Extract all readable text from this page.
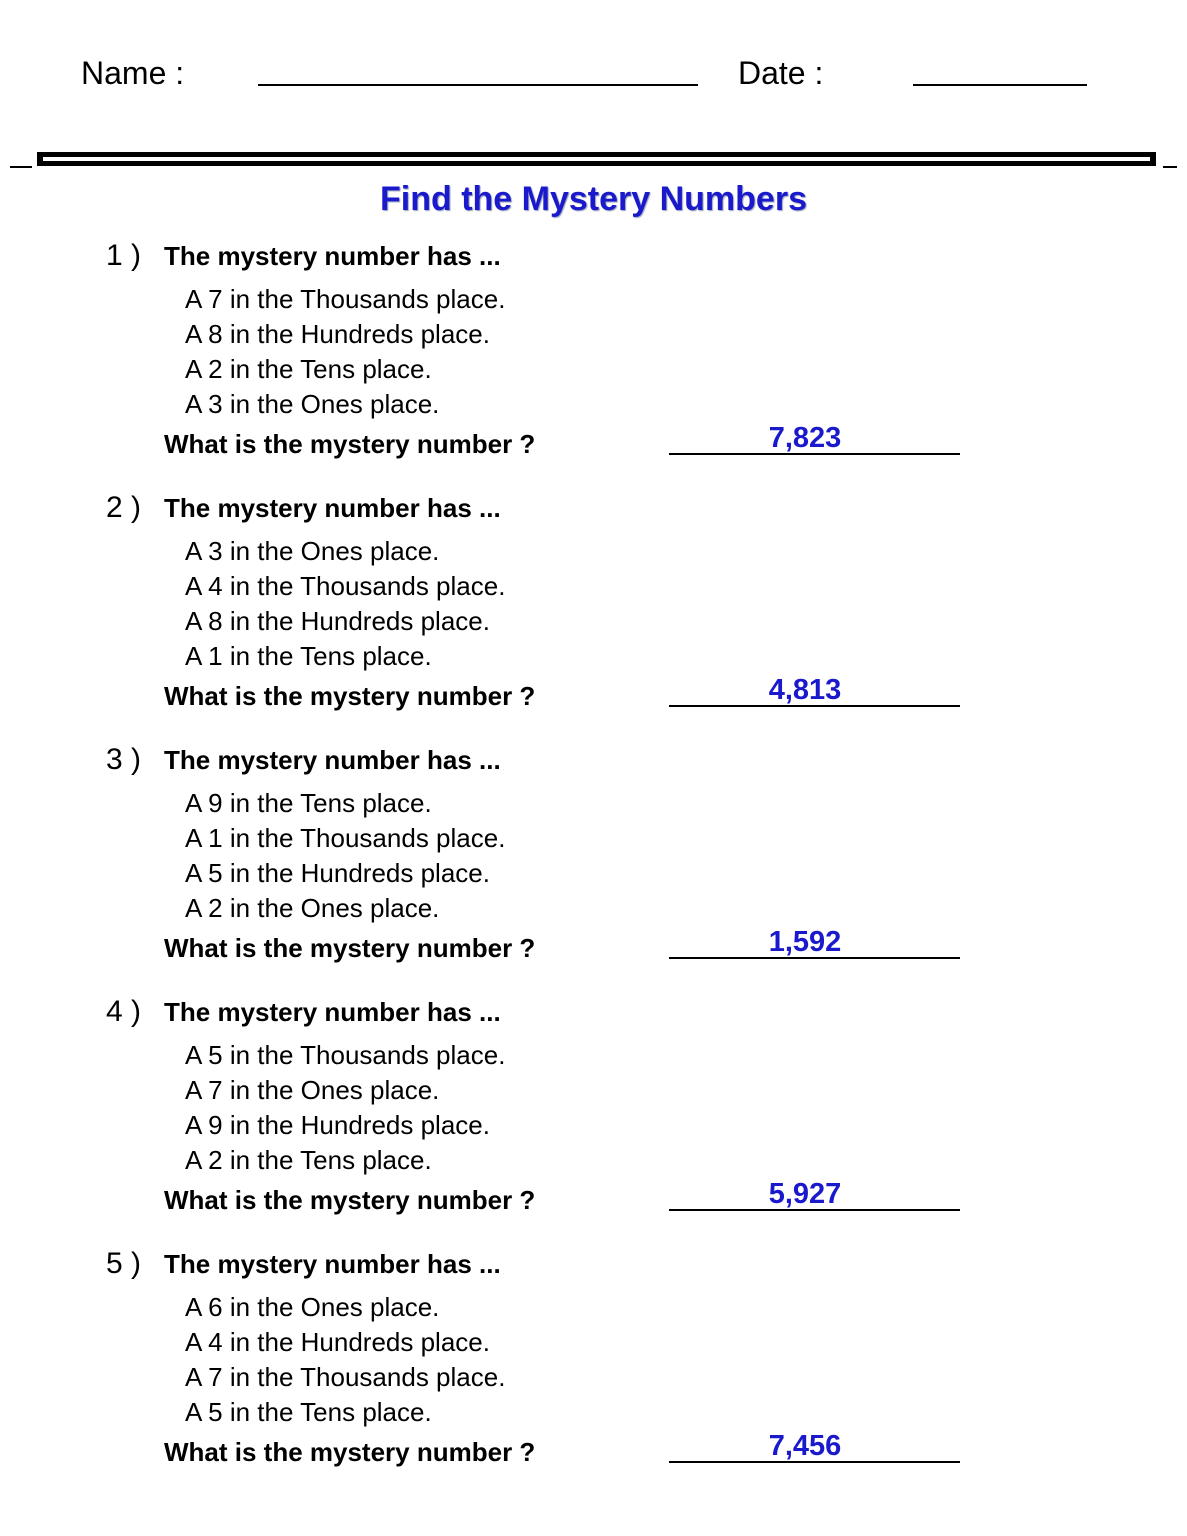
Name :	Date :
Find the Mystery Numbers
1 ) The mystery number has ...
A 7 in the Thousands place.
A 8 in the Hundreds place.
A 2 in the Tens place.
A 3 in the Ones place.
What is the mystery number ?	7,823
2 ) The mystery number has ...
A 3 in the Ones place.
A 4 in the Thousands place.
A 8 in the Hundreds place.
A 1 in the Tens place.
What is the mystery number ?	4,813
3 ) The mystery number has ...
A 9 in the Tens place.
A 1 in the Thousands place.
A 5 in the Hundreds place.
A 2 in the Ones place.
What is the mystery number ?	1,592
4 ) The mystery number has ...
A 5 in the Thousands place.
A 7 in the Ones place.
A 9 in the Hundreds place.
A 2 in the Tens place.
What is the mystery number ?	5,927
5 ) The mystery number has ...
A 6 in the Ones place.
A 4 in the Hundreds place.
A 7 in the Thousands place.
A 5 in the Tens place.
What is the mystery number ?	7,456
